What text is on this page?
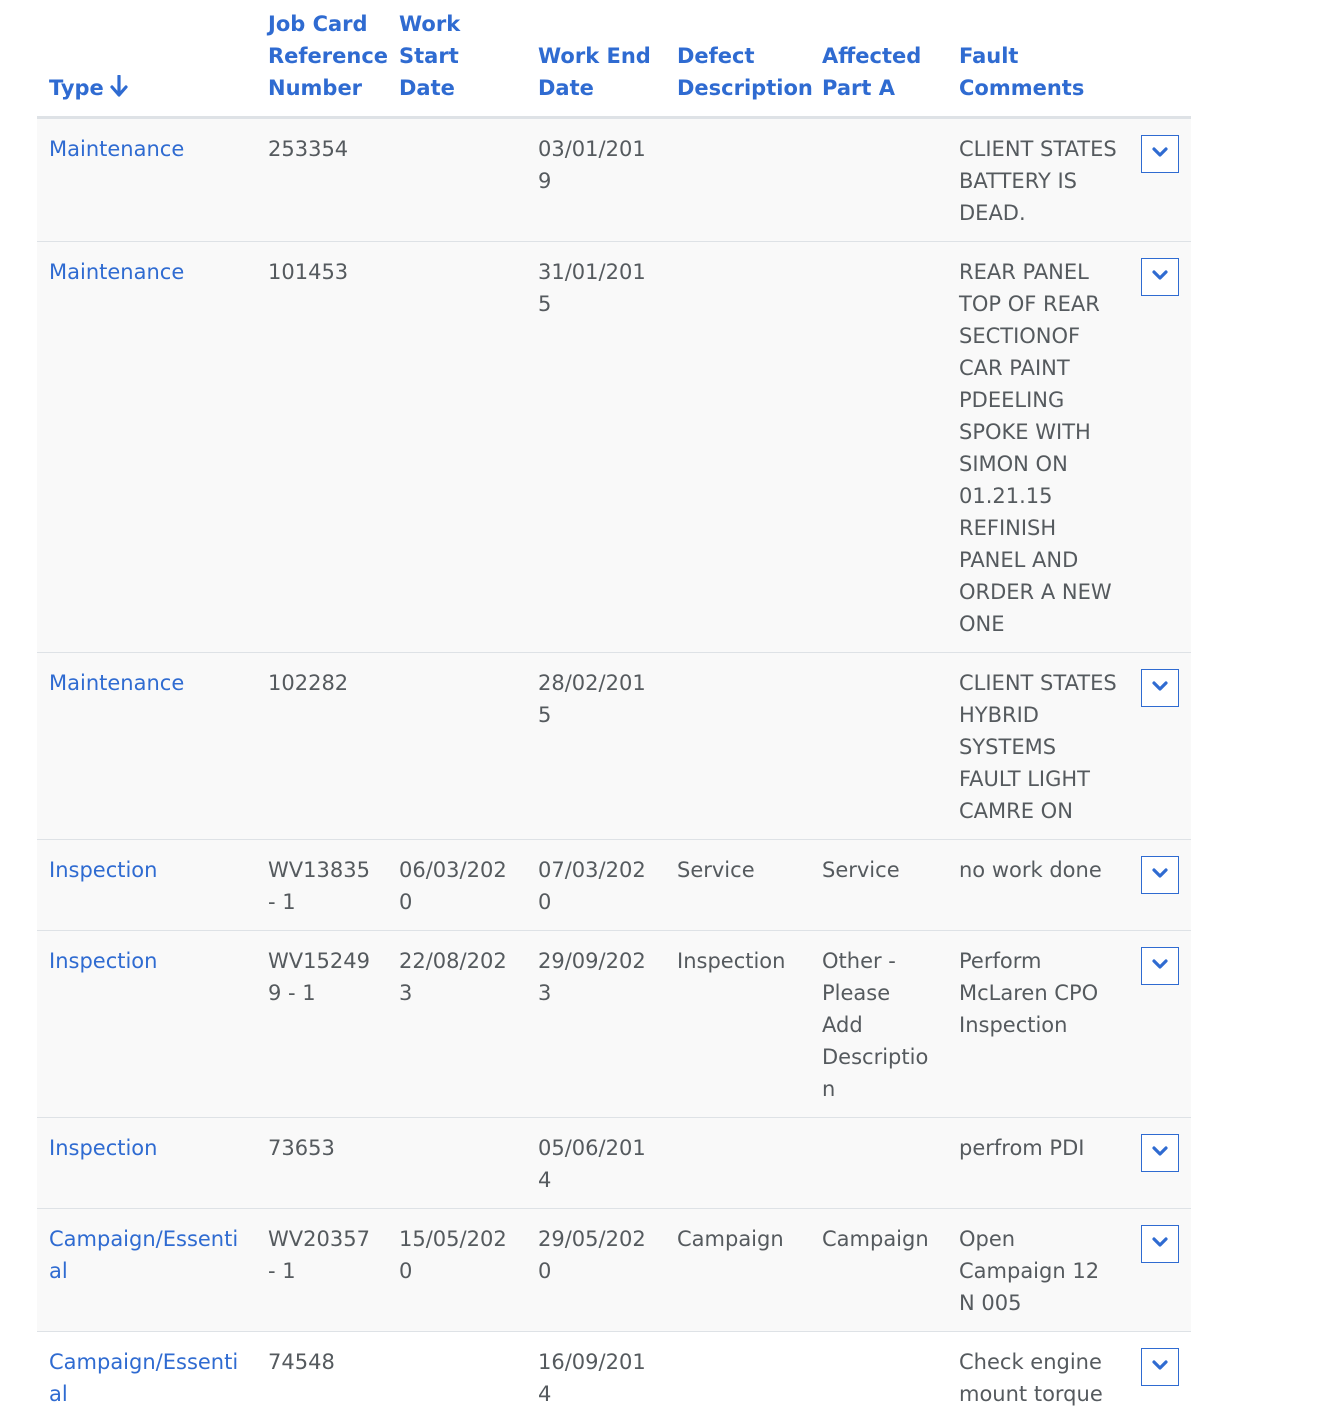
Type	Job Card Reference Number	Work Start Date	Work End Date	Defect Description	Affected Part A	Fault Comments	
Maintenance	253354		03/01/2019			CLIENT STATES BATTERY IS DEAD.	

Maintenance	101453		31/01/2015			REAR PANEL TOP OF REAR SECTIONOF CAR PAINT PDEELING SPOKE WITH SIMON ON 01.21.15 REFINISH PANEL AND ORDER A NEW ONE	

Maintenance	102282		28/02/2015			CLIENT STATES HYBRID SYSTEMS FAULT LIGHT CAMRE ON	

Inspection	WV13835 - 1	06/03/2020	07/03/2020	Service	Service	no work done	

Inspection	WV152499 - 1	22/08/2023	29/09/2023	Inspection	Other - Please Add Description	Perform McLaren CPO Inspection	

Inspection	73653		05/06/2014			perfrom PDI	

Campaign/Essential	WV20357 - 1	15/05/2020	29/05/2020	Campaign	Campaign	Open Campaign 12 N 005	

Campaign/Essential	74548		16/09/2014			Check engine mount torque	
